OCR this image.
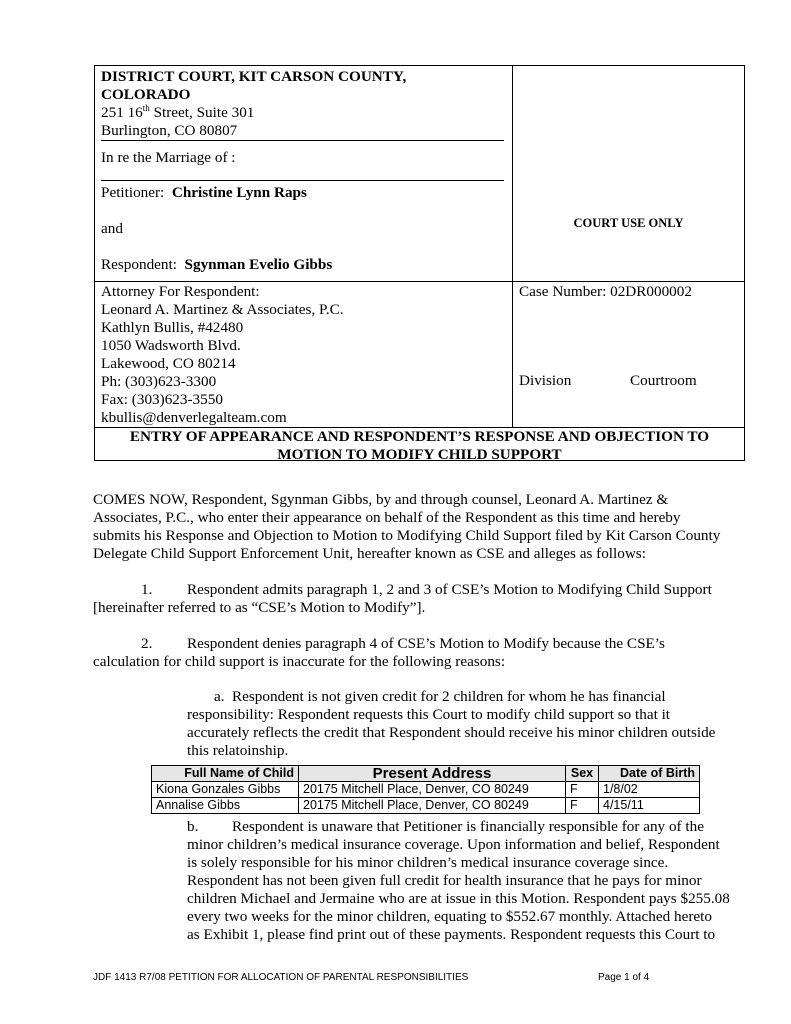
DISTRICT COURT, KIT CARSON COUNTY,
COLORADO
251 16th Street, Suite 301
Burlington, CO 80807
In re the Marriage of :
Petitioner: Christine Lynn Raps
and
Respondent: Sgynman Evelio Gibbs
COURT USE ONLY
Attorney For Respondent:
Leonard A. Martinez & Associates, P.C.
Kathlyn Bullis, #42480
1050 Wadsworth Blvd.
Lakewood, CO 80214
Ph: (303)623-3300
Fax: (303)623-3550
kbullis@denverlegalteam.com
Case Number: 02DR000002
Division	Courtroom
ENTRY OF APPEARANCE AND RESPONDENT’S RESPONSE AND OBJECTION TO
MOTION TO MODIFY CHILD SUPPORT
COMES NOW, Respondent, Sgynman Gibbs, by and through counsel, Leonard A. Martinez &
Associates, P.C., who enter their appearance on behalf of the Respondent as this time and hereby
submits his Response and Objection to Motion to Modifying Child Support filed by Kit Carson County
Delegate Child Support Enforcement Unit, hereafter known as CSE and alleges as follows:
1. Respondent admits paragraph 1, 2 and 3 of CSE’s Motion to Modifying Child Support
[hereinafter referred to as “CSE’s Motion to Modify”].
2. Respondent denies paragraph 4 of CSE’s Motion to Modify because the CSE’s
calculation for child support is inaccurate for the following reasons:
a. Respondent is not given credit for 2 children for whom he has financial
responsibility: Respondent requests this Court to modify child support so that it
accurately reflects the credit that Respondent should receive his minor children outside
this relatoinship.
Full Name of Child	Present Address	Sex	Date of Birth
Kiona Gonzales Gibbs	20175 Mitchell Place, Denver, CO 80249	F	1/8/02
Annalise Gibbs	20175 Mitchell Place, Denver, CO 80249	F	4/15/11
b. Respondent is unaware that Petitioner is financially responsible for any of the
minor children’s medical insurance coverage. Upon information and belief, Respondent
is solely responsible for his minor children’s medical insurance coverage since.
Respondent has not been given full credit for health insurance that he pays for minor
children Michael and Jermaine who are at issue in this Motion. Respondent pays $255.08
every two weeks for the minor children, equating to $552.67 monthly. Attached hereto
as Exhibit 1, please find print out of these payments. Respondent requests this Court to
JDF 1413 R7/08 PETITION FOR ALLOCATION OF PARENTAL RESPONSIBILITIES	Page 1 of 4
